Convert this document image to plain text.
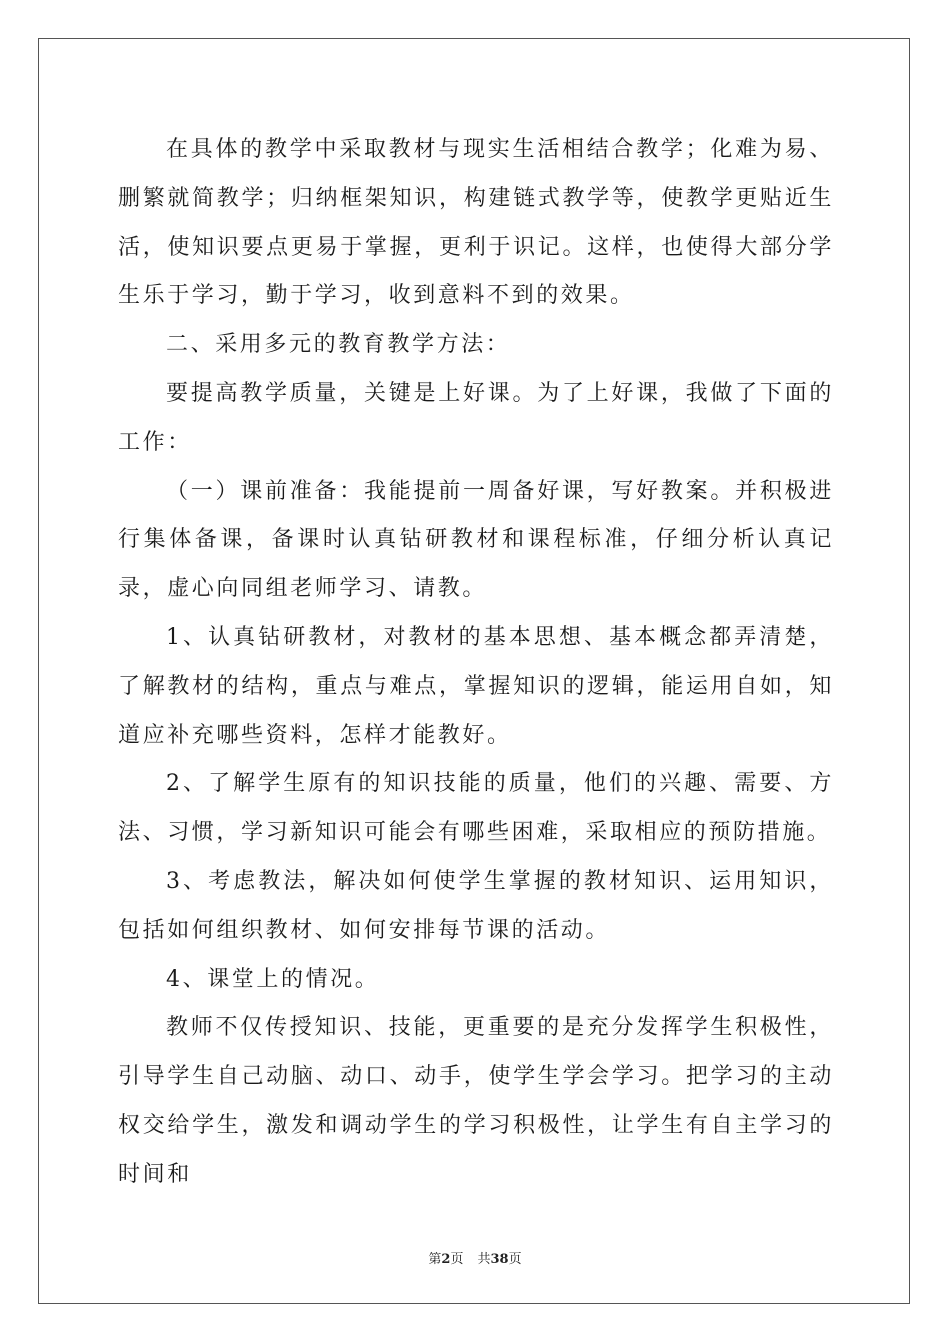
在具体的教学中采取教材与现实生活相结合教学；化难为易、删繁就简教学；归纳框架知识，构建链式教学等，使教学更贴近生活，使知识要点更易于掌握，更利于识记。这样，也使得大部分学生乐于学习，勤于学习，收到意料不到的效果。

二、采用多元的教育教学方法：

要提高教学质量，关键是上好课。为了上好课，我做了下面的工作：

（一）课前准备：我能提前一周备好课，写好教案。并积极进行集体备课，备课时认真钻研教材和课程标准，仔细分析认真记录，虚心向同组老师学习、请教。

1、认真钻研教材，对教材的基本思想、基本概念都弄清楚，了解教材的结构，重点与难点，掌握知识的逻辑，能运用自如，知道应补充哪些资料，怎样才能教好。

2、了解学生原有的知识技能的质量，他们的兴趣、需要、方法、习惯，学习新知识可能会有哪些困难，采取相应的预防措施。

3、考虑教法，解决如何使学生掌握的教材知识、运用知识，包括如何组织教材、如何安排每节课的活动。

4、课堂上的情况。

教师不仅传授知识、技能，更重要的是充分发挥学生积极性，引导学生自己动脑、动口、动手，使学生学会学习。把学习的主动权交给学生，激发和调动学生的学习积极性，让学生有自主学习的时间和

第2页 共38页
